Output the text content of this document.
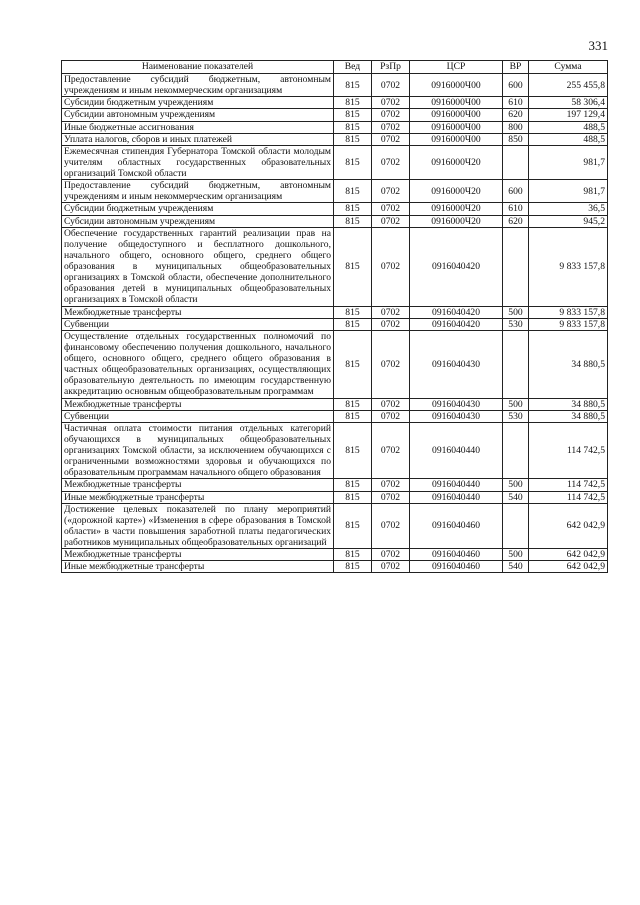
331
Наименование показателей	Вед	РзПр	ЦСР	ВР	Сумма
Предоставление субсидий бюджетным, автономным учреждениям и иным некоммерческим организациям	815	0702	0916000Ч00	600	255 455,8
Субсидии бюджетным учреждениям	815	0702	0916000Ч00	610	58 306,4
Субсидии автономным учреждениям	815	0702	0916000Ч00	620	197 129,4
Иные бюджетные ассигнования	815	0702	0916000Ч00	800	488,5
Уплата налогов, сборов и иных платежей	815	0702	0916000Ч00	850	488,5
Ежемесячная стипендия Губернатора Томской области молодым учителям областных государственных образовательных организаций Томской области	815	0702	0916000Ч20		981,7
Предоставление субсидий бюджетным, автономным учреждениям и иным некоммерческим организациям	815	0702	0916000Ч20	600	981,7
Субсидии бюджетным учреждениям	815	0702	0916000Ч20	610	36,5
Субсидии автономным учреждениям	815	0702	0916000Ч20	620	945,2
Обеспечение государственных гарантий реализации прав на получение общедоступного и бесплатного дошкольного, начального общего, основного общего, среднего общего образования в муниципальных общеобразовательных организациях в Томской области, обеспечение дополнительного образования детей в муниципальных общеобразовательных организациях в Томской области	815	0702	0916040420		9 833 157,8
Межбюджетные трансферты	815	0702	0916040420	500	9 833 157,8
Субвенции	815	0702	0916040420	530	9 833 157,8
Осуществление отдельных государственных полномочий по финансовому обеспечению получения дошкольного, начального общего, основного общего, среднего общего образования в частных общеобразовательных организациях, осуществляющих образовательную деятельность по имеющим государственную аккредитацию основным общеобразовательным программам	815	0702	0916040430		34 880,5
Межбюджетные трансферты	815	0702	0916040430	500	34 880,5
Субвенции	815	0702	0916040430	530	34 880,5
Частичная оплата стоимости питания отдельных категорий обучающихся в муниципальных общеобразовательных организациях Томской области, за исключением обучающихся с ограниченными возможностями здоровья и обучающихся по образовательным программам начального общего образования	815	0702	0916040440		114 742,5
Межбюджетные трансферты	815	0702	0916040440	500	114 742,5
Иные межбюджетные трансферты	815	0702	0916040440	540	114 742,5
Достижение целевых показателей по плану мероприятий («дорожной карте») «Изменения в сфере образования в Томской области» в части повышения заработной платы педагогических работников муниципальных общеобразовательных организаций	815	0702	0916040460		642 042,9
Межбюджетные трансферты	815	0702	0916040460	500	642 042,9
Иные межбюджетные трансферты	815	0702	0916040460	540	642 042,9
